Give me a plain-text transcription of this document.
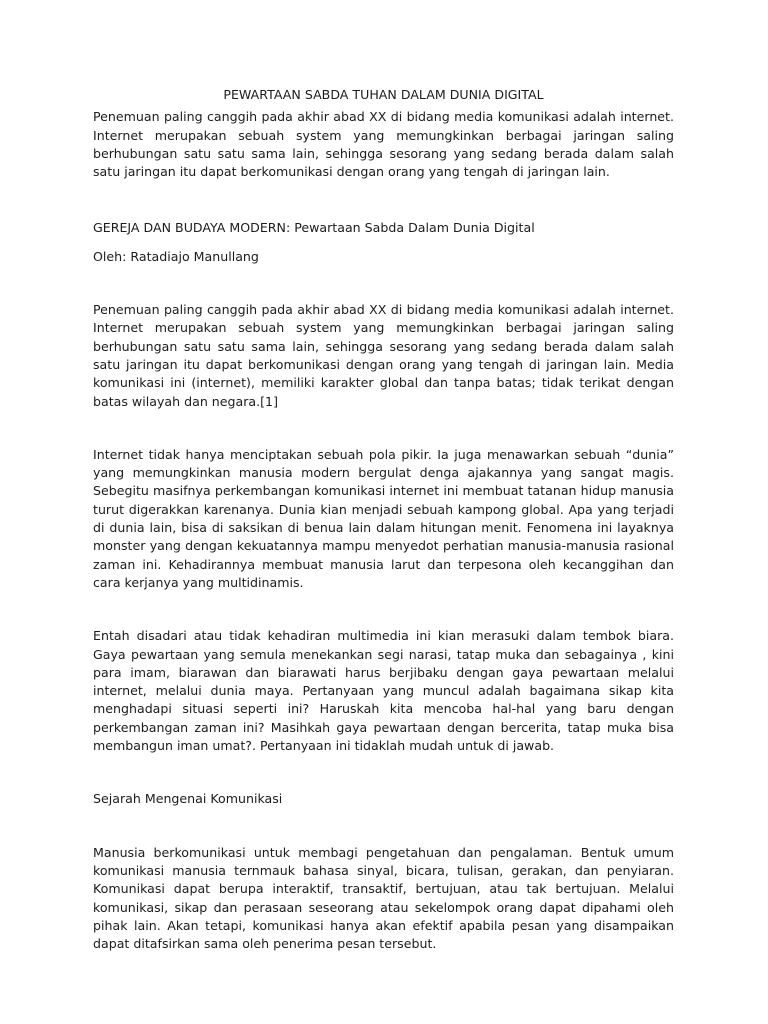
PEWARTAAN SABDA TUHAN DALAM DUNIA DIGITAL

Penemuan paling canggih pada akhir abad XX di bidang media komunikasi adalah internet. Internet merupakan sebuah system yang memungkinkan berbagai jaringan saling berhubungan satu satu sama lain, sehingga sesorang yang sedang berada dalam salah satu jaringan itu dapat berkomunikasi dengan orang yang tengah di jaringan lain.

GEREJA DAN BUDAYA MODERN: Pewartaan Sabda Dalam Dunia Digital

Oleh: Ratadiajo Manullang

Penemuan paling canggih pada akhir abad XX di bidang media komunikasi adalah internet. Internet merupakan sebuah system yang memungkinkan berbagai jaringan saling berhubungan satu satu sama lain, sehingga sesorang yang sedang berada dalam salah satu jaringan itu dapat berkomunikasi dengan orang yang tengah di jaringan lain. Media komunikasi ini (internet), memiliki karakter global dan tanpa batas; tidak terikat dengan batas wilayah dan negara.[1]

Internet tidak hanya menciptakan sebuah pola pikir. Ia juga menawarkan sebuah “dunia” yang memungkinkan manusia modern bergulat denga ajakannya yang sangat magis. Sebegitu masifnya perkembangan komunikasi internet ini membuat tatanan hidup manusia turut digerakkan karenanya. Dunia kian menjadi sebuah kampong global. Apa yang terjadi di dunia lain, bisa di saksikan di benua lain dalam hitungan menit. Fenomena ini layaknya monster yang dengan kekuatannya mampu menyedot perhatian manusia-manusia rasional zaman ini. Kehadirannya membuat manusia larut dan terpesona oleh kecanggihan dan cara kerjanya yang multidinamis.

Entah disadari atau tidak kehadiran multimedia ini kian merasuki dalam tembok biara. Gaya pewartaan yang semula menekankan segi narasi, tatap muka dan sebagainya , kini para imam, biarawan dan biarawati harus berjibaku dengan gaya pewartaan melalui internet, melalui dunia maya. Pertanyaan yang muncul adalah bagaimana sikap kita menghadapi situasi seperti ini? Haruskah kita mencoba hal-hal yang baru dengan perkembangan zaman ini? Masihkah gaya pewartaan dengan bercerita, tatap muka bisa membangun iman umat?. Pertanyaan ini tidaklah mudah untuk di jawab.

Sejarah Mengenai Komunikasi

Manusia berkomunikasi untuk membagi pengetahuan dan pengalaman. Bentuk umum komunikasi manusia ternmauk bahasa sinyal, bicara, tulisan, gerakan, dan penyiaran. Komunikasi dapat berupa interaktif, transaktif, bertujuan, atau tak bertujuan. Melalui komunikasi, sikap dan perasaan seseorang atau sekelompok orang dapat dipahami oleh pihak lain. Akan tetapi, komunikasi hanya akan efektif apabila pesan yang disampaikan dapat ditafsirkan sama oleh penerima pesan tersebut.
